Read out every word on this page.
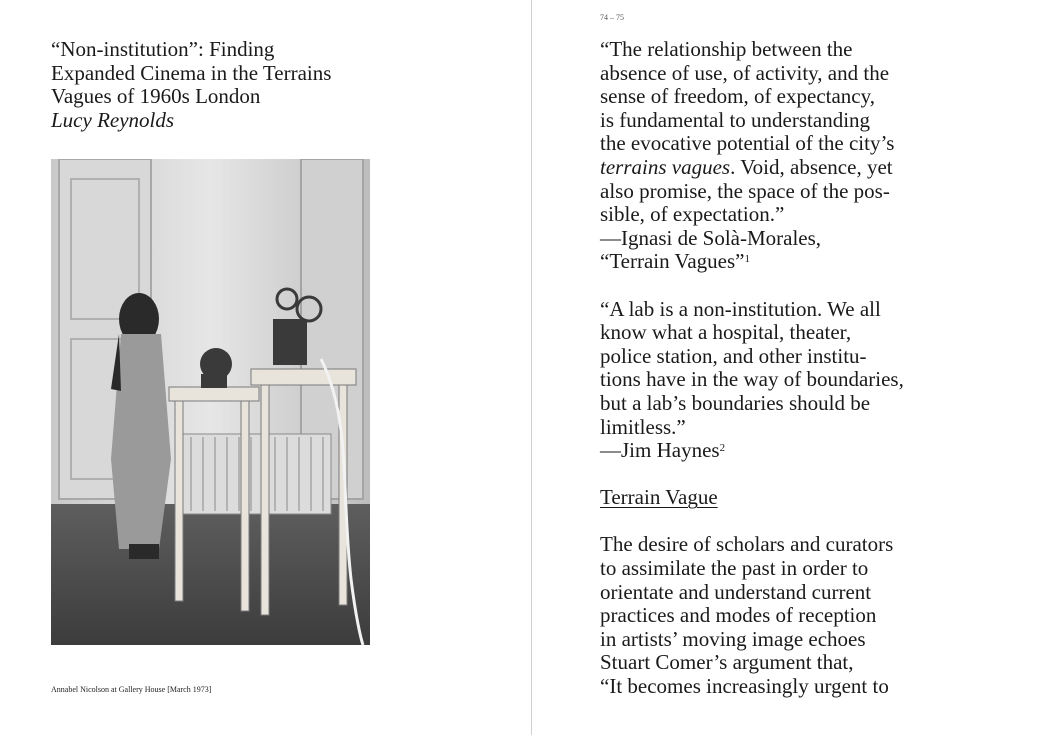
“Non-institution”: Finding
Expanded Cinema in the Terrains
Vagues of 1960s London
Lucy Reynolds
Annabel Nicolson at Gallery House [March 1973]
74 – 75
“The relationship between the
absence of use, of activity, and the
sense of freedom, of expectancy,
is fundamental to understanding
the evocative potential of the city’s
terrains vagues. Void, absence, yet
also promise, the space of the pos-
sible, of expectation.”
—Ignasi de Solà-Morales,
“Terrain Vagues”$^1$
“A lab is a non-institution. We all
know what a hospital, theater,
police station, and other institu-
tions have in the way of boundaries,
but a lab’s boundaries should be
limitless.”
—Jim Haynes$^2$
Terrain Vague
The desire of scholars and curators
to assimilate the past in order to
orientate and understand current
practices and modes of reception
in artists’ moving image echoes
Stuart Comer’s argument that,
“It becomes increasingly urgent to
